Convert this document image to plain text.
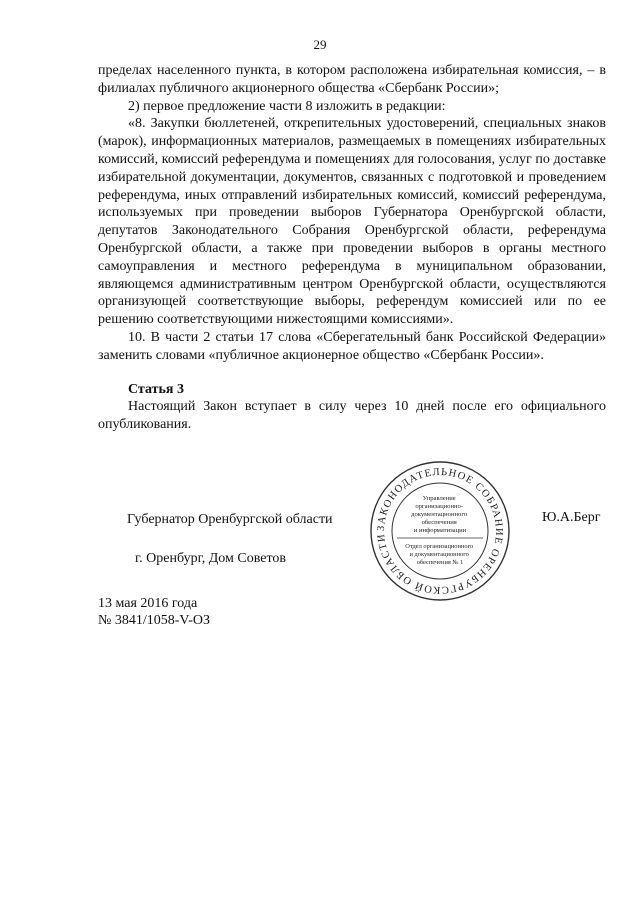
29

пределах населенного пункта, в котором расположена избирательная комиссия, – в филиалах публичного акционерного общества «Сбербанк России»;

2) первое предложение части 8 изложить в редакции:

«8. Закупки бюллетеней, открепительных удостоверений, специальных знаков (марок), информационных материалов, размещаемых в помещениях избирательных комиссий, комиссий референдума и помещениях для голосования, услуг по доставке избирательной документации, документов, связанных с подготовкой и проведением референдума, иных отправлений избирательных комиссий, комиссий референдума, используемых при проведении выборов Губернатора Оренбургской области, депутатов Законодательного Собрания Оренбургской области, референдума Оренбургской области, а также при проведении выборов в органы местного самоуправления и местного референдума в муниципальном образовании, являющемся административным центром Оренбургской области, осуществляются организующей соответствующие выборы, референдум комиссией или по ее решению соответствующими нижестоящими комиссиями».

10. В части 2 статьи 17 слова «Сберегательный банк Российской Федерации» заменить словами «публичное акционерное общество «Сбербанк России».

Статья 3

Настоящий Закон вступает в силу через 10 дней после его официального опубликования.

Губернатор Оренбургской области	Ю.А.Берг
г. Оренбург, Дом Советов
13 мая 2016 года
№ 3841/1058-V-ОЗ
ЗАКОНОДАТЕЛЬНОЕ СОБРАНИЕ ОРЕНБУРГСКОЙ ОБЛАСТИ
Управление организационно- документационного обеспечения и информатизации
Отдел организационного и документационного обеспечения № 1
